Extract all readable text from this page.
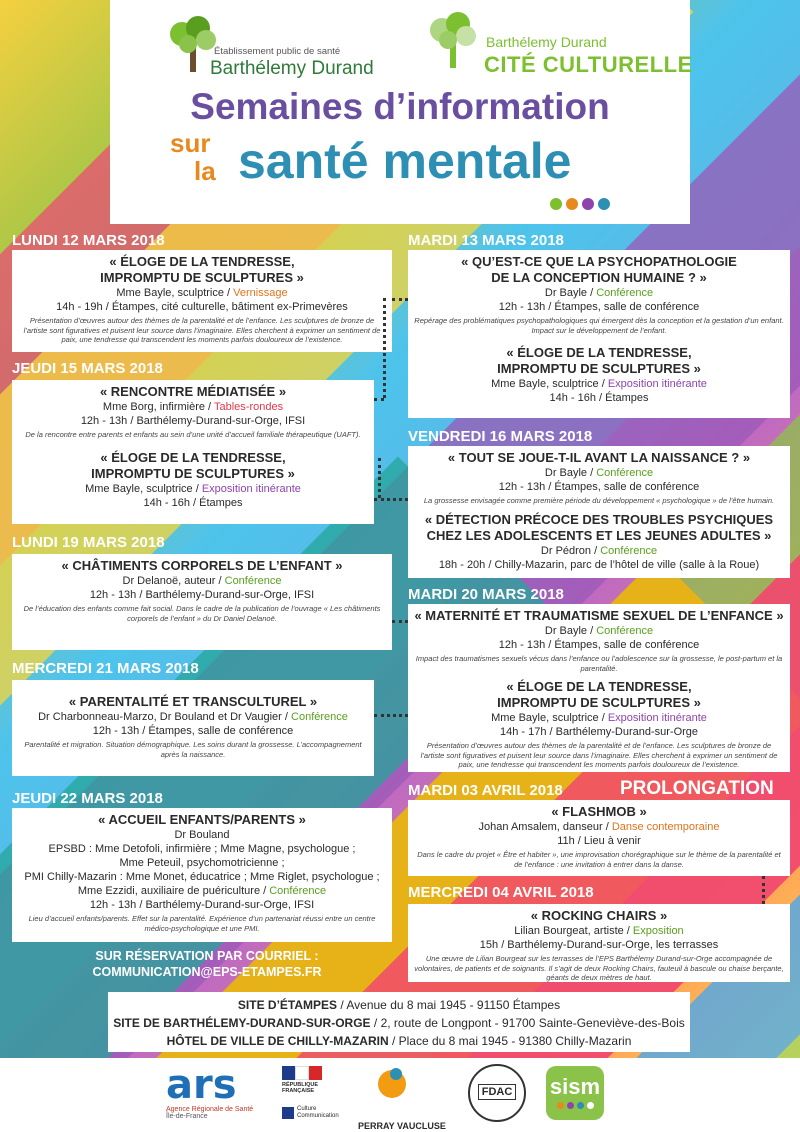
Établissement public de santé
Barthélemy Durand
Barthélemy Durand
CITÉ CULTURELLE
Semaines d’information
sur
la santé mentale
LUNDI 12 MARS 2018
« ÉLOGE DE LA TENDRESSE,
IMPROMPTU DE SCULPTURES »
Mme Bayle, sculptrice / Vernissage
14h - 19h / Étampes, cité culturelle, bâtiment ex-Primevères
Présentation d’œuvres autour des thèmes de la parentalité et de l’enfance. Les sculptures de bronze de l’artiste sont figuratives et puisent leur source dans l’imaginaire. Elles cherchent à exprimer un sentiment de paix, une tendresse qui transcendent les moments parfois douloureux de l’existence.
JEUDI 15 MARS 2018
« RENCONTRE MÉDIATISÉE »
Mme Borg, infirmière / Tables-rondes
12h - 13h / Barthélemy-Durand-sur-Orge, IFSI
De la rencontre entre parents et enfants au sein d’une unité d’accueil familiale thérapeutique (UAFT).
« ÉLOGE DE LA TENDRESSE,
IMPROMPTU DE SCULPTURES »
Mme Bayle, sculptrice / Exposition itinérante
14h - 16h / Étampes
LUNDI 19 MARS 2018
« CHÂTIMENTS CORPORELS DE L’ENFANT »
Dr Delanoë, auteur / Conférence
12h - 13h / Barthélemy-Durand-sur-Orge, IFSI
De l’éducation des enfants comme fait social. Dans le cadre de la publication de l’ouvrage « Les châtiments corporels de l’enfant » du Dr Daniel Delanoë.
MERCREDI 21 MARS 2018
« PARENTALITÉ ET TRANSCULTUREL »
Dr Charbonneau-Marzo, Dr Bouland et Dr Vaugier / Conférence
12h - 13h / Étampes, salle de conférence
Parentalité et migration. Situation démographique. Les soins durant la grossesse. L’accompagnement après la naissance.
JEUDI 22 MARS 2018
« ACCUEIL ENFANTS/PARENTS »
Dr Bouland
EPSBD : Mme Detofoli, infirmière ; Mme Magne, psychologue ;
Mme Peteuil, psychomotricienne ;
PMI Chilly-Mazarin : Mme Monet, éducatrice ; Mme Riglet, psychologue ;
Mme Ezzidi, auxiliaire de puériculture / Conférence
12h - 13h / Barthélemy-Durand-sur-Orge, IFSI
Lieu d’accueil enfants/parents. Effet sur la parentalité. Expérience d’un partenariat réussi entre un centre médico-psychologique et une PMI.
SUR RÉSERVATION PAR COURRIEL :
COMMUNICATION@EPS-ETAMPES.FR
MARDI 13 MARS 2018
« QU’EST-CE QUE LA PSYCHOPATHOLOGIE
DE LA CONCEPTION HUMAINE ? »
Dr Bayle / Conférence
12h - 13h / Étampes, salle de conférence
Repérage des problématiques psychopathologiques qui émergent dès la conception et la gestation d’un enfant. Impact sur le développement de l’enfant.
« ÉLOGE DE LA TENDRESSE,
IMPROMPTU DE SCULPTURES »
Mme Bayle, sculptrice / Exposition itinérante
14h - 16h / Étampes
VENDREDI 16 MARS 2018
« TOUT SE JOUE-T-IL AVANT LA NAISSANCE ? »
Dr Bayle / Conférence
12h - 13h / Étampes, salle de conférence
La grossesse envisagée comme première période du développement « psychologique » de l’être humain.
« DÉTECTION PRÉCOCE DES TROUBLES PSYCHIQUES
CHEZ LES ADOLESCENTS ET LES JEUNES ADULTES »
Dr Pédron / Conférence
18h - 20h / Chilly-Mazarin, parc de l’hôtel de ville (salle à la Roue)
MARDI 20 MARS 2018
« MATERNITÉ ET TRAUMATISME SEXUEL DE L’ENFANCE »
Dr Bayle / Conférence
12h - 13h / Étampes, salle de conférence
Impact des traumatismes sexuels vécus dans l’enfance ou l’adolescence sur la grossesse, le post-partum et la parentalité.
« ÉLOGE DE LA TENDRESSE,
IMPROMPTU DE SCULPTURES »
Mme Bayle, sculptrice / Exposition itinérante
14h - 17h / Barthélemy-Durand-sur-Orge
Présentation d’œuvres autour des thèmes de la parentalité et de l’enfance. Les sculptures de bronze de l’artiste sont figuratives et puisent leur source dans l’imaginaire. Elles cherchent à exprimer un sentiment de paix, une tendresse qui transcendent les moments parfois douloureux de l’existence.
MARDI 03 AVRIL 2018	PROLONGATION
« FLASHMOB »
Johan Amsalem, danseur / Danse contemporaine
11h / Lieu à venir
Dans le cadre du projet « Être et habiter », une improvisation chorégraphique sur le thème de la parentalité et de l’enfance : une invitation à entrer dans la danse.
MERCREDI 04 AVRIL 2018
« ROCKING CHAIRS »
Lilian Bourgeat, artiste / Exposition
15h / Barthélemy-Durand-sur-Orge, les terrasses
Une œuvre de Lilian Bourgeat sur les terrasses de l’EPS Barthélemy Durand-sur-Orge accompagnée de volontaires, de patients et de soignants. Il s’agit de deux Rocking Chairs, fauteuil à bascule ou chaise berçante, géants de deux mètres de haut.
SITE D’ÉTAMPES / Avenue du 8 mai 1945 - 91150 Étampes
SITE DE BARTHÉLEMY-DURAND-SUR-ORGE / 2, route de Longpont - 91700 Sainte-Geneviève-des-Bois
HÔTEL DE VILLE DE CHILLY-MAZARIN / Place du 8 mai 1945 - 91380 Chilly-Mazarin
ars
Agence Régionale de Santé
Île-de-France
RÉPUBLIQUE FRANÇAISE
Culture
Communication
PERRAY VAUCLUSE
FDAC	sism
